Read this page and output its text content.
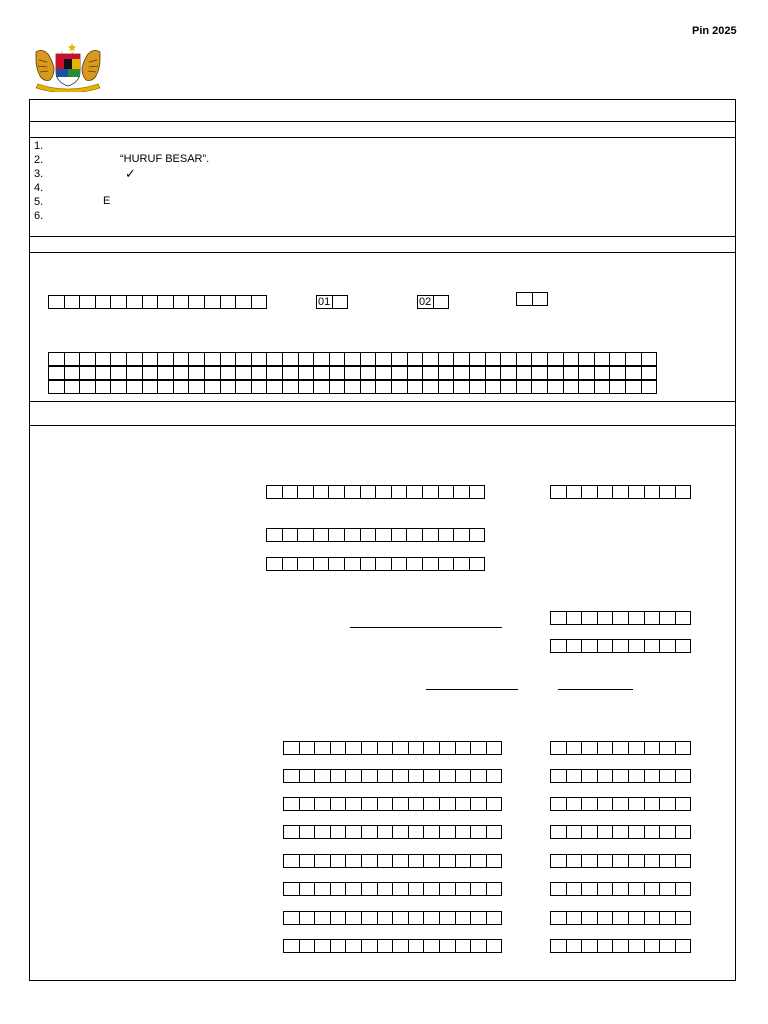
Pin 2025
1.
2.
3.
4.
5.
6.
“HURUF BESAR”.
✓
E
01	02
